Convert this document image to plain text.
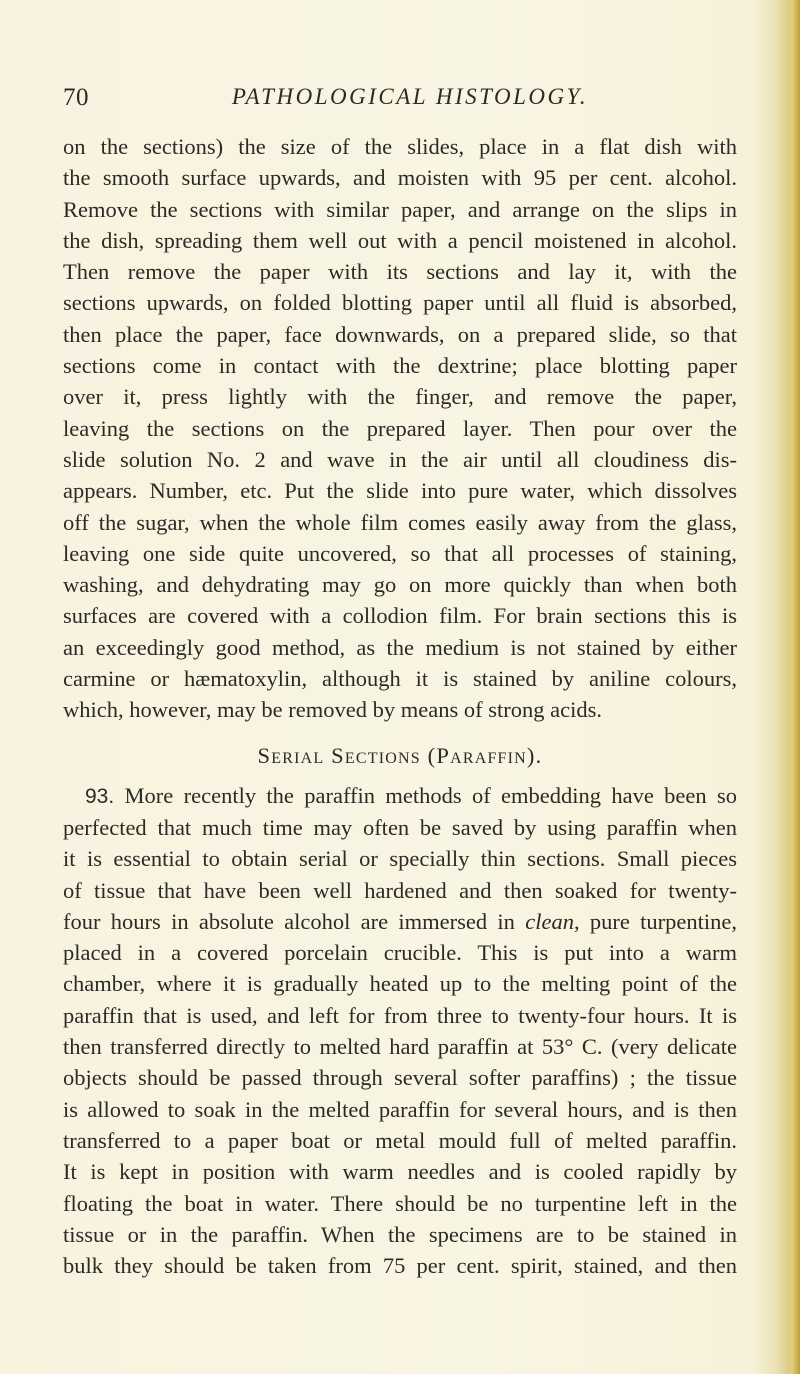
70	PATHOLOGICAL HISTOLOGY.

on the sections) the size of the slides, place in a flat dish with
the smooth surface upwards, and moisten with 95 per cent. alcohol.
Remove the sections with similar paper, and arrange on the slips in
the dish, spreading them well out with a pencil moistened in alcohol.
Then remove the paper with its sections and lay it, with the
sections upwards, on folded blotting paper until all fluid is absorbed,
then place the paper, face downwards, on a prepared slide, so that
sections come in contact with the dextrine; place blotting paper
over it, press lightly with the finger, and remove the paper,
leaving the sections on the prepared layer. Then pour over the
slide solution No. 2 and wave in the air until all cloudiness dis-
appears. Number, etc. Put the slide into pure water, which dissolves
off the sugar, when the whole film comes easily away from the glass,
leaving one side quite uncovered, so that all processes of staining,
washing, and dehydrating may go on more quickly than when both
surfaces are covered with a collodion film. For brain sections this is
an exceedingly good method, as the medium is not stained by either
carmine or hæmatoxylin, although it is stained by aniline colours,
which, however, may be removed by means of strong acids.

Serial Sections (Paraffin).

93. More recently the paraffin methods of embedding have been so
perfected that much time may often be saved by using paraffin when
it is essential to obtain serial or specially thin sections. Small pieces
of tissue that have been well hardened and then soaked for twenty-
four hours in absolute alcohol are immersed in clean, pure turpentine,
placed in a covered porcelain crucible. This is put into a warm
chamber, where it is gradually heated up to the melting point of the
paraffin that is used, and left for from three to twenty-four hours. It is
then transferred directly to melted hard paraffin at 53° C. (very delicate
objects should be passed through several softer paraffins) ; the tissue
is allowed to soak in the melted paraffin for several hours, and is then
transferred to a paper boat or metal mould full of melted paraffin.
It is kept in position with warm needles and is cooled rapidly by
floating the boat in water. There should be no turpentine left in the
tissue or in the paraffin. When the specimens are to be stained in
bulk they should be taken from 75 per cent. spirit, stained, and then
